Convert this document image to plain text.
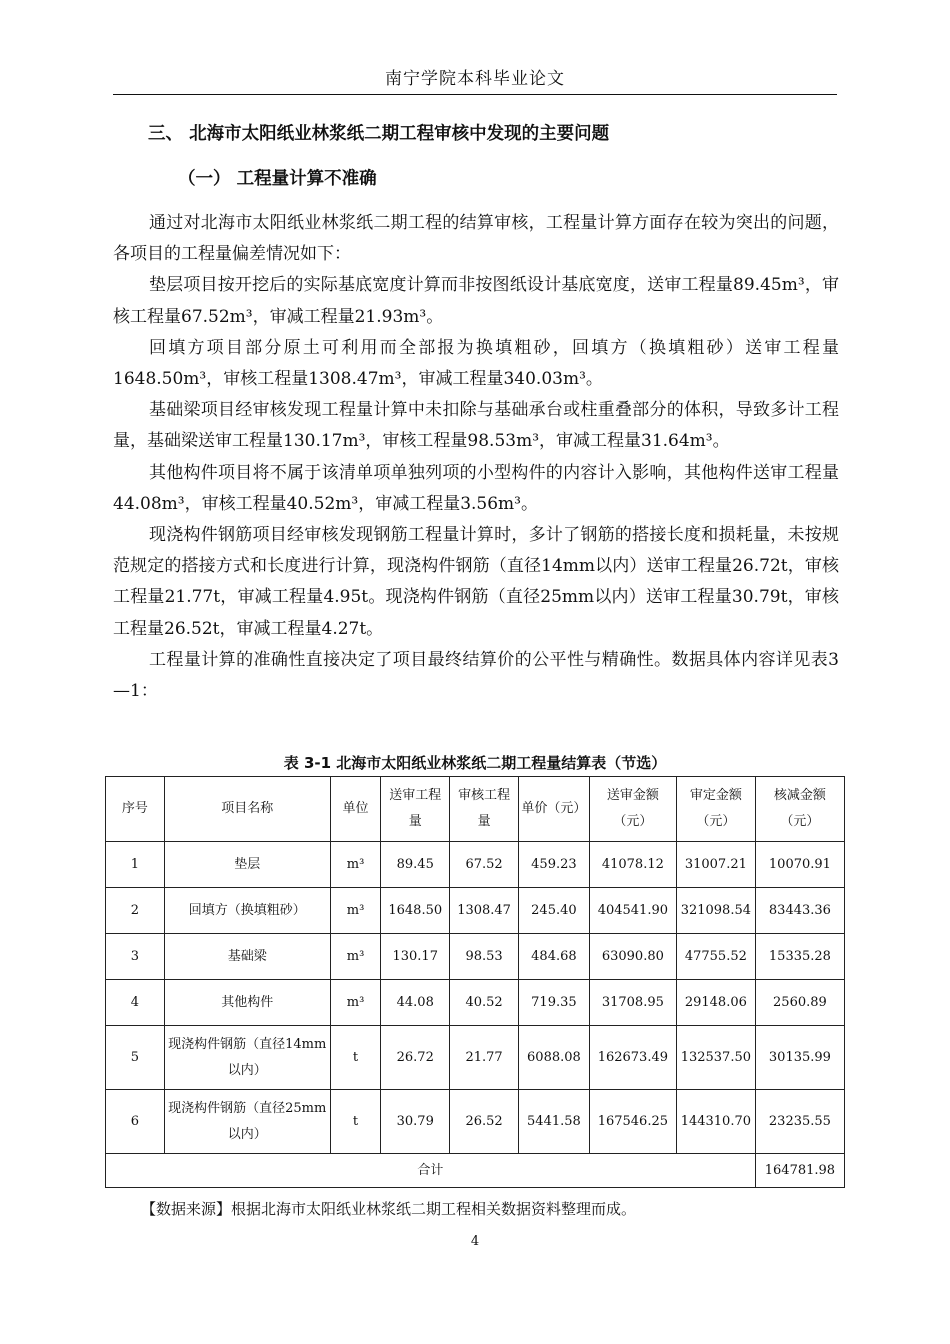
南宁学院本科毕业论文
三、 北海市太阳纸业林浆纸二期工程审核中发现的主要问题
（一） 工程量计算不准确

通过对北海市太阳纸业林浆纸二期工程的结算审核，工程量计算方面存在较为突出的问题，各项目的工程量偏差情况如下：

垫层项目按开挖后的实际基底宽度计算而非按图纸设计基底宽度，送审工程量89.45m³，审核工程量67.52m³，审减工程量21.93m³。

回填方项目部分原土可利用而全部报为换填粗砂，回填方（换填粗砂）送审工程量1648.50m³，审核工程量1308.47m³，审减工程量340.03m³。

基础梁项目经审核发现工程量计算中未扣除与基础承台或柱重叠部分的体积，导致多计工程量，基础梁送审工程量130.17m³，审核工程量98.53m³，审减工程量31.64m³。

其他构件项目将不属于该清单项单独列项的小型构件的内容计入影响，其他构件送审工程量44.08m³，审核工程量40.52m³，审减工程量3.56m³。

现浇构件钢筋项目经审核发现钢筋工程量计算时，多计了钢筋的搭接长度和损耗量，未按规范规定的搭接方式和长度进行计算，现浇构件钢筋（直径14mm以内）送审工程量26.72t，审核工程量21.77t，审减工程量4.95t。现浇构件钢筋（直径25mm以内）送审工程量30.79t，审核工程量26.52t，审减工程量4.27t。

工程量计算的准确性直接决定了项目最终结算价的公平性与精确性。数据具体内容详见表3—1：

表 3-1 北海市太阳纸业林浆纸二期工程量结算表（节选）
序号	项目名称	单位	送审工程量	审核工程量	单价（元）	送审金额（元）	审定金额（元）	核减金额（元）
1	垫层	m³	89.45	67.52	459.23	41078.12	31007.21	10070.91
2	回填方（换填粗砂）	m³	1648.50	1308.47	245.40	404541.90	321098.54	83443.36
3	基础梁	m³	130.17	98.53	484.68	63090.80	47755.52	15335.28
4	其他构件	m³	44.08	40.52	719.35	31708.95	29148.06	2560.89
5	现浇构件钢筋（直径14mm以内）	t	26.72	21.77	6088.08	162673.49	132537.50	30135.99
6	现浇构件钢筋（直径25mm以内）	t	30.79	26.52	5441.58	167546.25	144310.70	23235.55
合计								164781.98
【数据来源】根据北海市太阳纸业林浆纸二期工程相关数据资料整理而成。
4
